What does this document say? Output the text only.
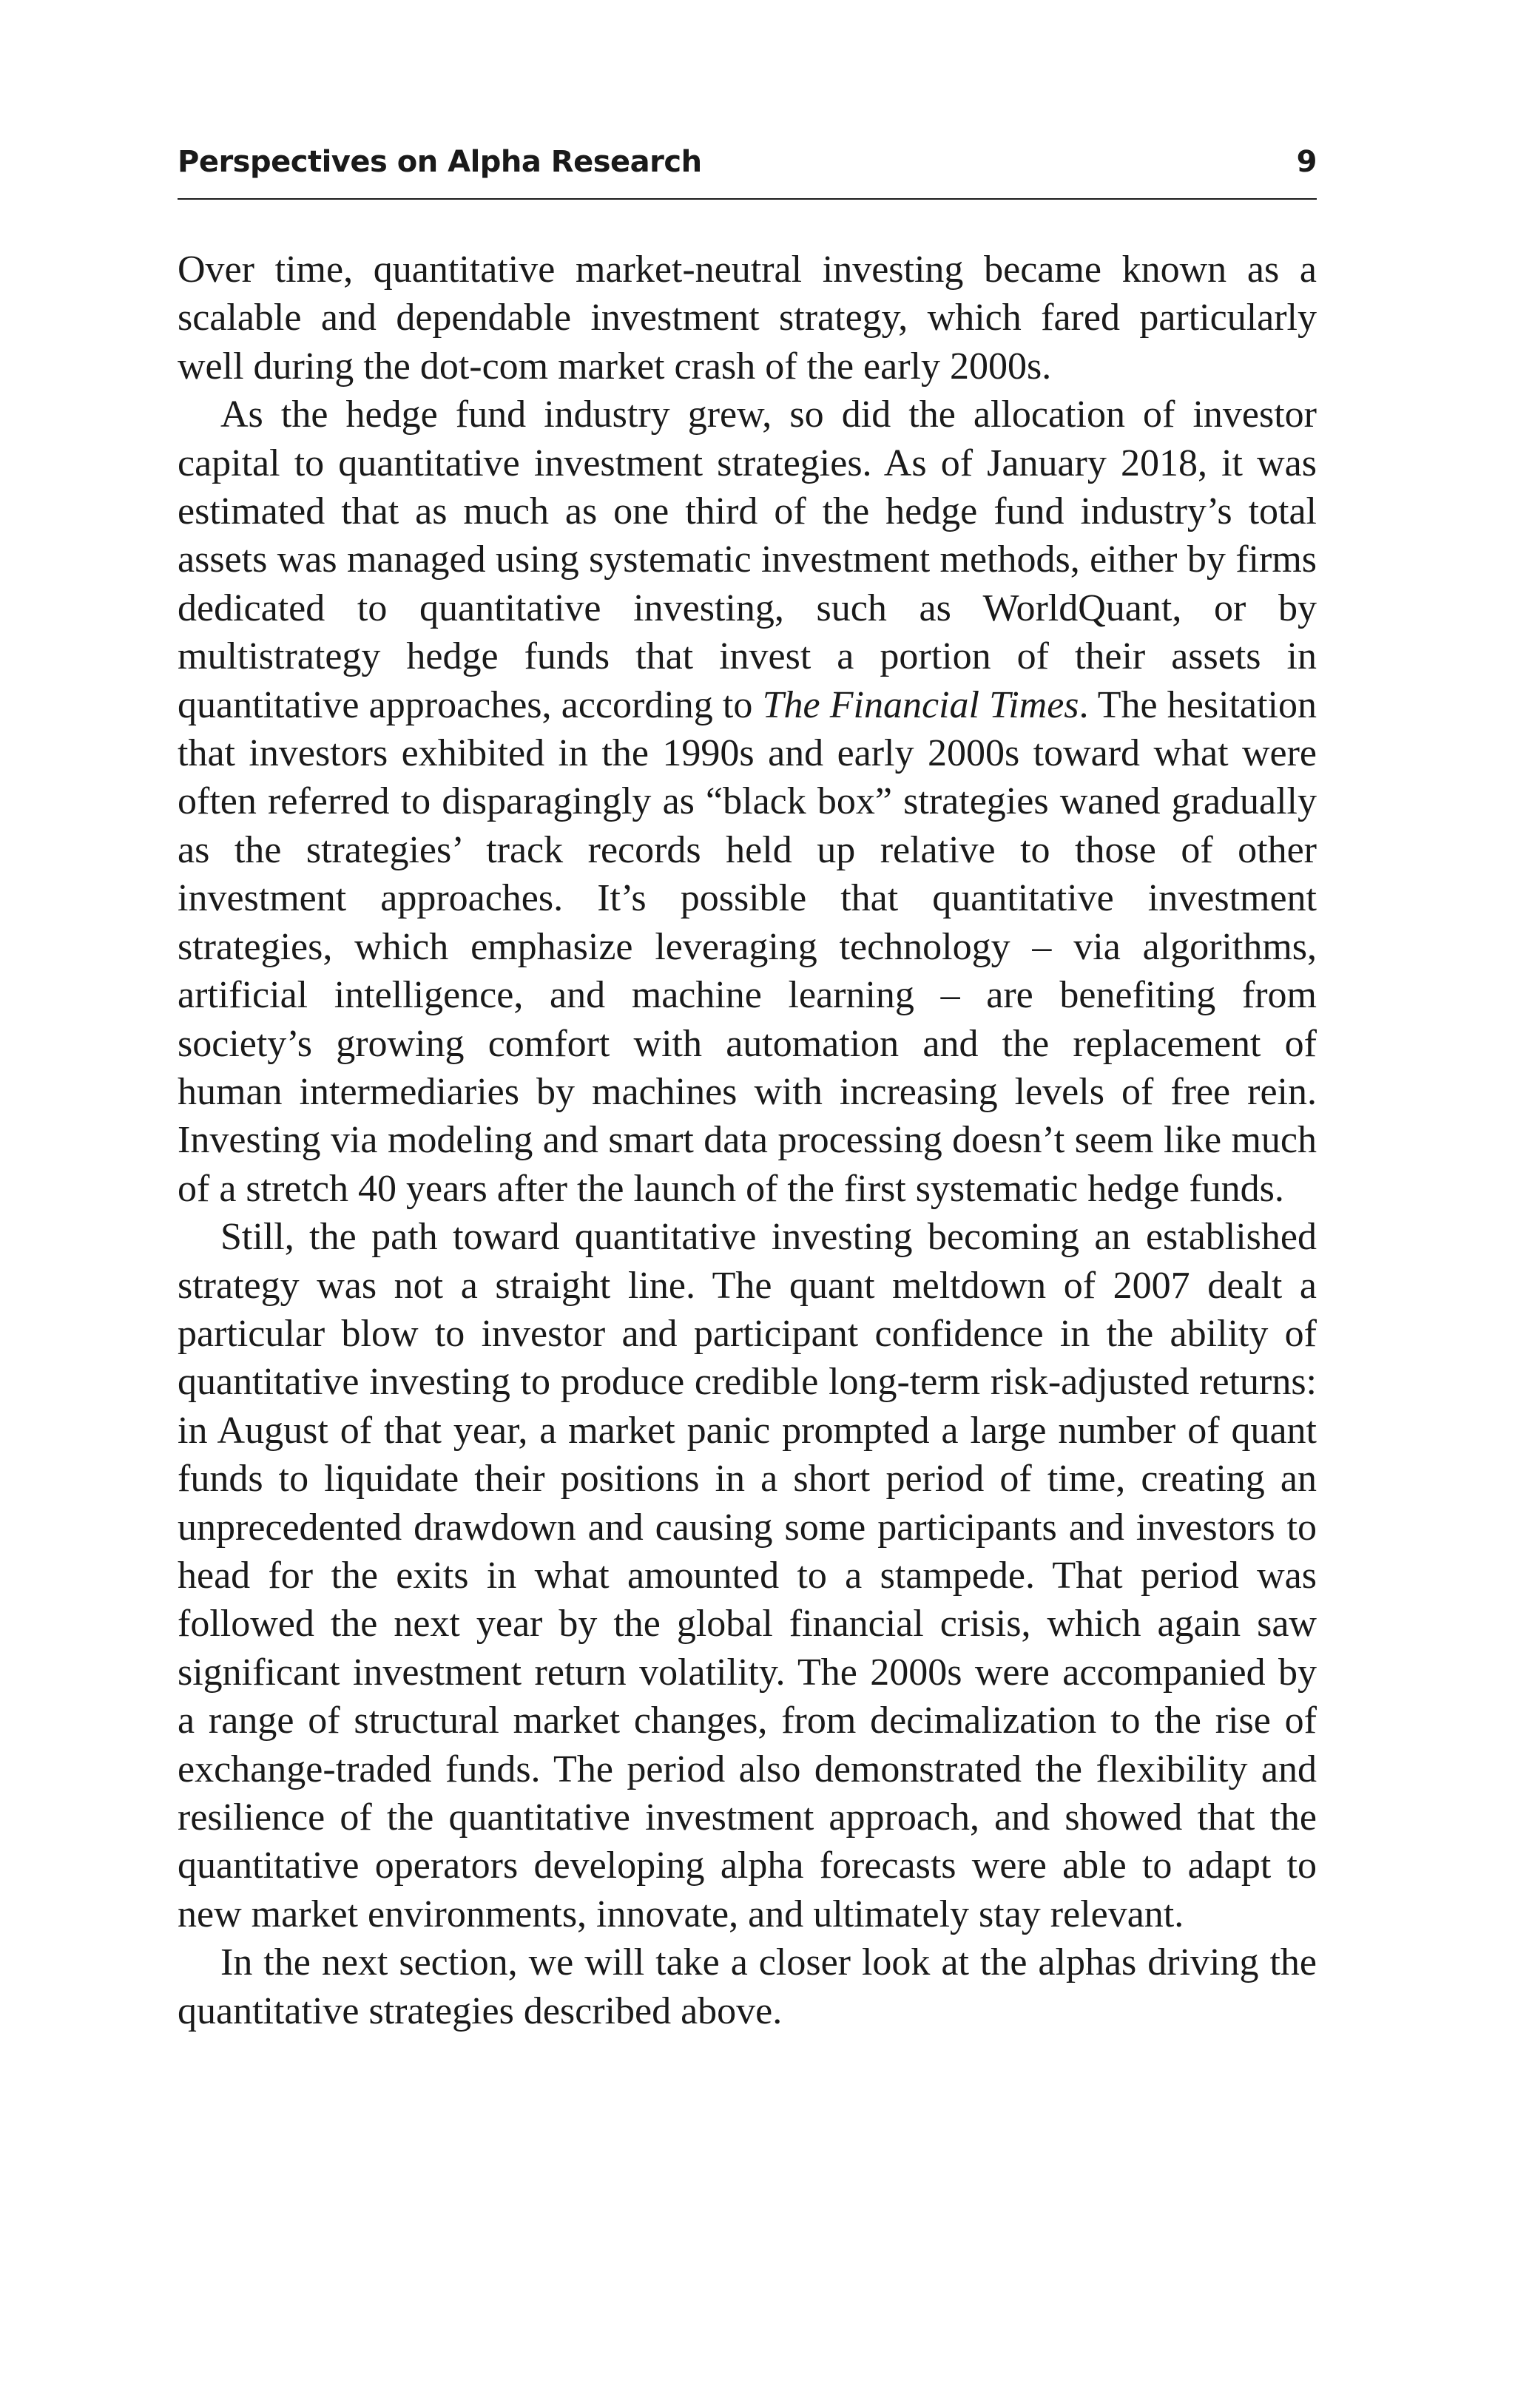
Perspectives on Alpha Research	9

Over time, quantitative market-neutral investing became known as a scalable and dependable investment strategy, which fared particularly well during the dot-com market crash of the early 2000s.

As the hedge fund industry grew, so did the allocation of investor capital to quantitative investment strategies. As of January 2018, it was estimated that as much as one third of the hedge fund industry’s total assets was managed using systematic investment methods, either by firms dedicated to quantitative investing, such as WorldQuant, or by multistrategy hedge funds that invest a portion of their assets in quantitative approaches, according to The Financial Times. The hesitation that investors exhibited in the 1990s and early 2000s toward what were often referred to disparagingly as “black box” strategies waned gradually as the strategies’ track records held up relative to those of other investment approaches. It’s possible that quantitative investment strategies, which emphasize leveraging technology – via algorithms, artificial intelligence, and machine learning – are benefiting from society’s growing comfort with automation and the replacement of human intermediaries by machines with increasing levels of free rein. Investing via modeling and smart data processing doesn’t seem like much of a stretch 40 years after the launch of the first systematic hedge funds.

Still, the path toward quantitative investing becoming an established strategy was not a straight line. The quant meltdown of 2007 dealt a particular blow to investor and participant confidence in the ability of quantitative investing to produce credible long-term risk-adjusted returns: in August of that year, a market panic prompted a large number of quant funds to liquidate their positions in a short period of time, creating an unprecedented drawdown and causing some participants and investors to head for the exits in what amounted to a stampede. That period was followed the next year by the global financial crisis, which again saw significant investment return volatility. The 2000s were accompanied by a range of structural market changes, from decimalization to the rise of exchange-traded funds. The period also demonstrated the flexibility and resilience of the quantitative investment approach, and showed that the quantitative operators developing alpha forecasts were able to adapt to new market environments, innovate, and ultimately stay relevant.

In the next section, we will take a closer look at the alphas driving the quantitative strategies described above.
